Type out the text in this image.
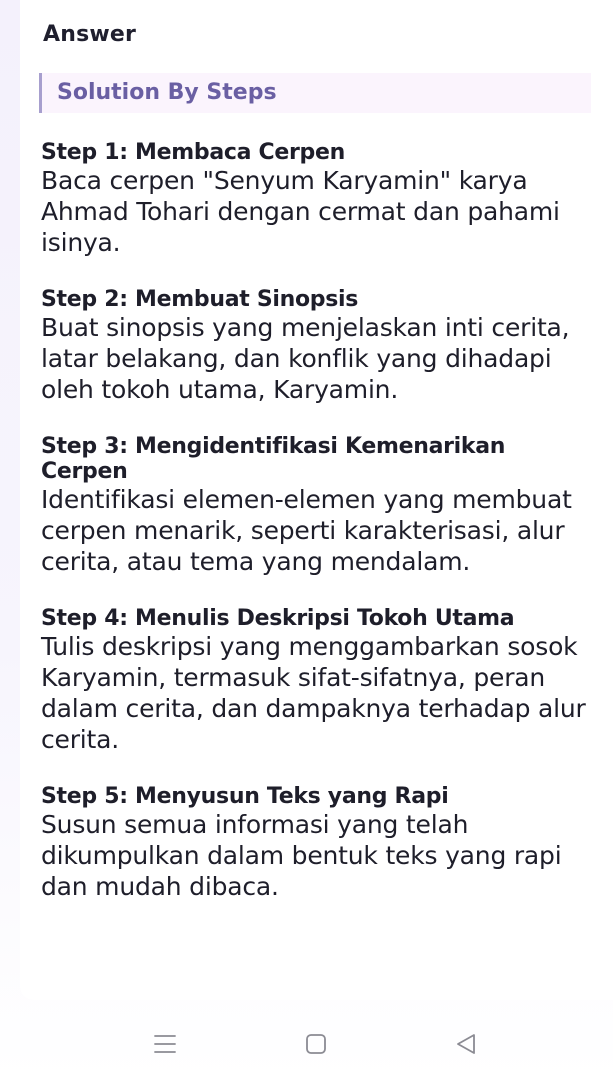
Answer
Solution By Steps
Step 1: Membaca Cerpen
Baca cerpen "Senyum Karyamin" karya Ahmad Tohari dengan cermat dan pahami isinya.
Step 2: Membuat Sinopsis
Buat sinopsis yang menjelaskan inti cerita, latar belakang, dan konflik yang dihadapi oleh tokoh utama, Karyamin.
Step 3: Mengidentifikasi Kemenarikan Cerpen
Identifikasi elemen-elemen yang membuat cerpen menarik, seperti karakterisasi, alur cerita, atau tema yang mendalam.
Step 4: Menulis Deskripsi Tokoh Utama
Tulis deskripsi yang menggambarkan sosok Karyamin, termasuk sifat-sifatnya, peran dalam cerita, dan dampaknya terhadap alur cerita.
Step 5: Menyusun Teks yang Rapi
Susun semua informasi yang telah dikumpulkan dalam bentuk teks yang rapi dan mudah dibaca.
